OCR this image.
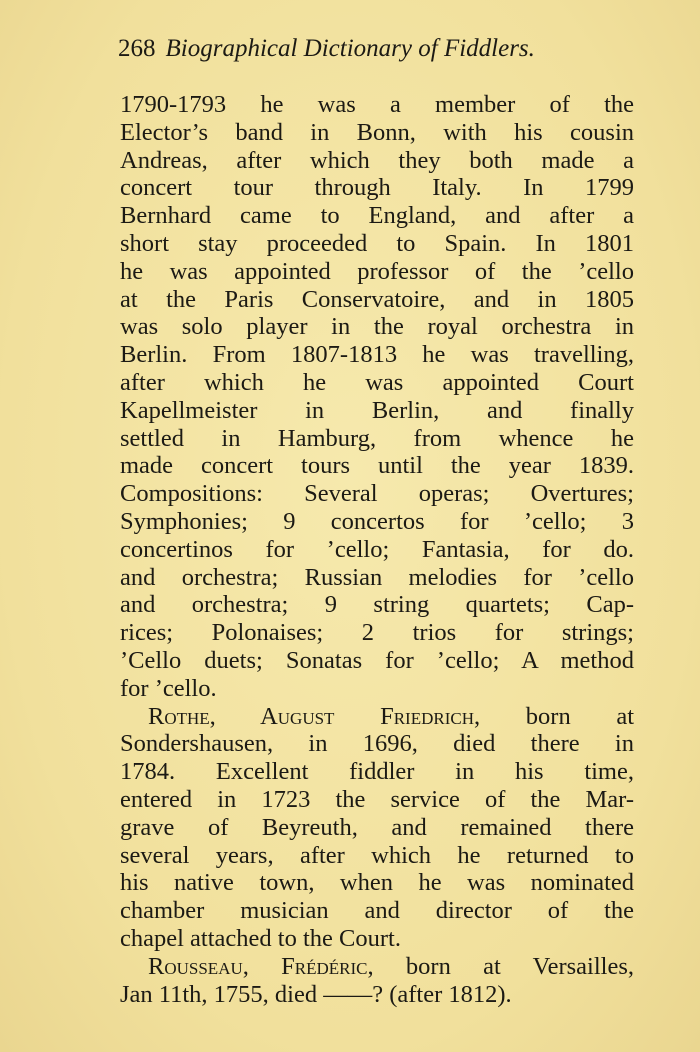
268 Biographical Dictionary of Fiddlers.
1790-1793 he was a member of the
Elector’s band in Bonn, with his cousin
Andreas, after which they both made a
concert tour through Italy. In 1799
Bernhard came to England, and after a
short stay proceeded to Spain. In 1801
he was appointed professor of the ’cello
at the Paris Conservatoire, and in 1805
was solo player in the royal orchestra in
Berlin. From 1807-1813 he was travelling,
after which he was appointed Court
Kapellmeister in Berlin, and finally
settled in Hamburg, from whence he
made concert tours until the year 1839.
Compositions: Several operas; Overtures;
Symphonies; 9 concertos for ’cello; 3
concertinos for ’cello; Fantasia, for do.
and orchestra; Russian melodies for ’cello
and orchestra; 9 string quartets; Cap-
rices; Polonaises; 2 trios for strings;
’Cello duets; Sonatas for ’cello; A method
for ’cello.
Rothe, August Friedrich, born at
Sondershausen, in 1696, died there in
1784. Excellent fiddler in his time,
entered in 1723 the service of the Mar-
grave of Beyreuth, and remained there
several years, after which he returned to
his native town, when he was nominated
chamber musician and director of the
chapel attached to the Court.
Rousseau, Frédéric, born at Versailles,
Jan 11th, 1755, died ——? (after 1812).
